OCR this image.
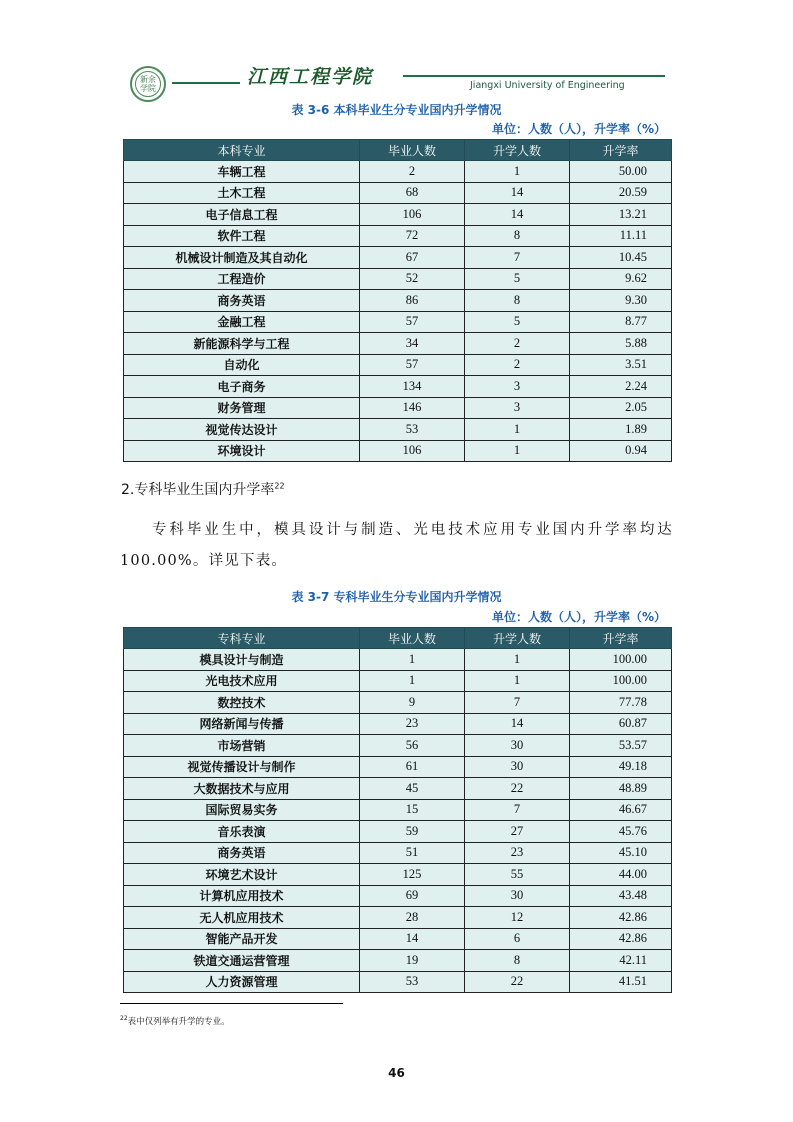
新余
学院
江西工程学院	Jiangxi University of Engineering
表 3-6 本科毕业生分专业国内升学情况
单位：人数（人），升学率（%）
本科专业	毕业人数	升学人数	升学率
车辆工程	2	1	50.00
土木工程	68	14	20.59
电子信息工程	106	14	13.21
软件工程	72	8	11.11
机械设计制造及其自动化	67	7	10.45
工程造价	52	5	9.62
商务英语	86	8	9.30
金融工程	57	5	8.77
新能源科学与工程	34	2	5.88
自动化	57	2	3.51
电子商务	134	3	2.24
财务管理	146	3	2.05
视觉传达设计	53	1	1.89
环境设计	106	1	0.94
2.专科毕业生国内升学率$^{22}$
专科毕业生中，模具设计与制造、光电技术应用专业国内升学率均达100.00%。详见下表。
表 3-7 专科毕业生分专业国内升学情况
单位：人数（人），升学率（%）
专科专业	毕业人数	升学人数	升学率
模具设计与制造	1	1	100.00
光电技术应用	1	1	100.00
数控技术	9	7	77.78
网络新闻与传播	23	14	60.87
市场营销	56	30	53.57
视觉传播设计与制作	61	30	49.18
大数据技术与应用	45	22	48.89
国际贸易实务	15	7	46.67
音乐表演	59	27	45.76
商务英语	51	23	45.10
环境艺术设计	125	55	44.00
计算机应用技术	69	30	43.48
无人机应用技术	28	12	42.86
智能产品开发	14	6	42.86
铁道交通运营管理	19	8	42.11
人力资源管理	53	22	41.51
$^{22}$表中仅列举有升学的专业。
46
